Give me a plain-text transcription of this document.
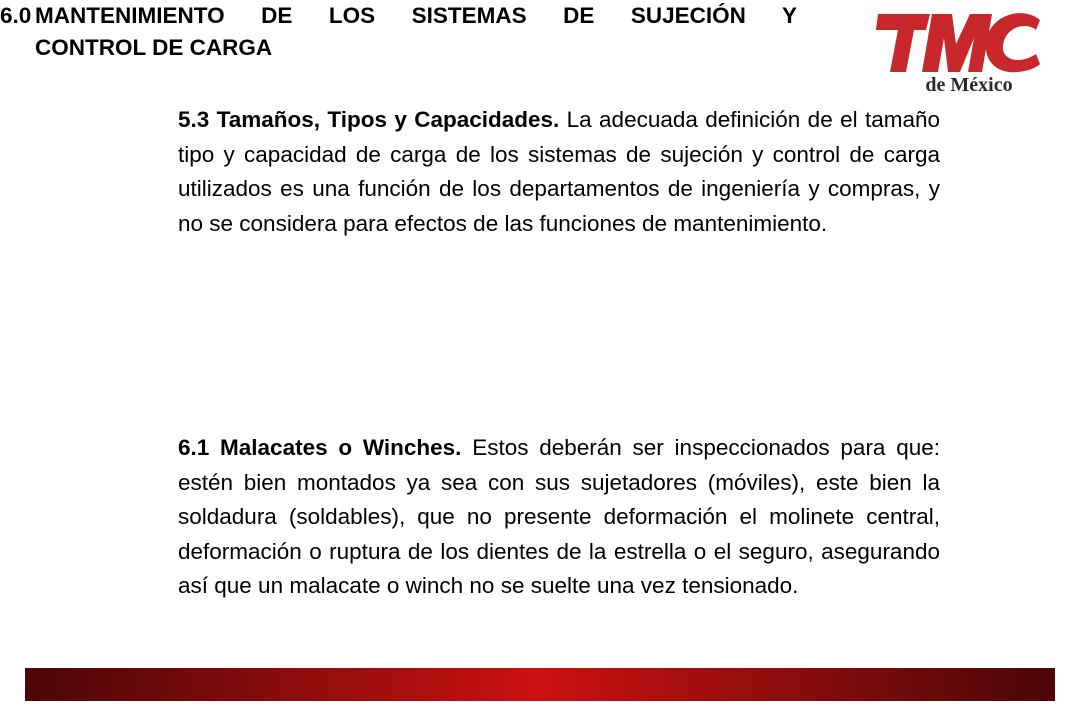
de México
5.3 Tamaños, Tipos y Capacidades. La adecuada definición de el tamaño tipo y capacidad de carga de los sistemas de sujeción y control de carga utilizados es una función de los departamentos de ingeniería y compras, y no se considera para efectos de las funciones de mantenimiento.
6.0 MANTENIMIENTO DE LOS SISTEMAS DE SUJECIÓN Y
CONTROL DE CARGA
6.1 Malacates o Winches. Estos deberán ser inspeccionados para que: estén bien montados ya sea con sus sujetadores (móviles), este bien la soldadura (soldables), que no presente deformación el molinete central, deformación o ruptura de los dientes de la estrella o el seguro, asegurando así que un malacate o winch no se suelte una vez tensionado.
